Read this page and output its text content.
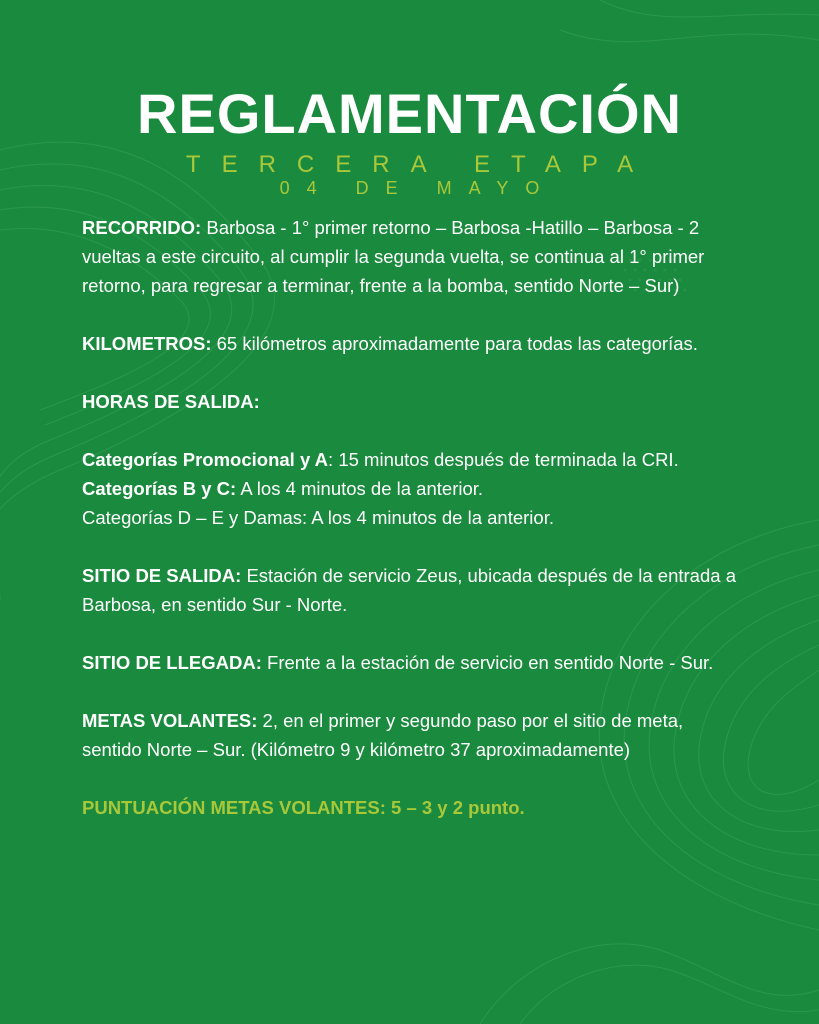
REGLAMENTACIÓN
TERCERA ETAPA
04 DE MAYO

RECORRIDO: Barbosa - 1° primer retorno – Barbosa -Hatillo – Barbosa - 2 vueltas a este circuito, al cumplir la segunda vuelta, se continua al 1° primer retorno, para regresar a terminar, frente a la bomba, sentido Norte – Sur)

KILOMETROS: 65 kilómetros aproximadamente para todas las categorías.

HORAS DE SALIDA:

Categorías Promocional y A: 15 minutos después de terminada la CRI.

Categorías B y C: A los 4 minutos de la anterior.

Categorías D – E y Damas: A los 4 minutos de la anterior.

SITIO DE SALIDA: Estación de servicio Zeus, ubicada después de la entrada a Barbosa, en sentido Sur - Norte.

SITIO DE LLEGADA: Frente a la estación de servicio en sentido Norte - Sur.

METAS VOLANTES: 2, en el primer y segundo paso por el sitio de meta, sentido Norte – Sur. (Kilómetro 9 y kilómetro 37 aproximadamente)

PUNTUACIÓN METAS VOLANTES: 5 – 3 y 2 punto.
